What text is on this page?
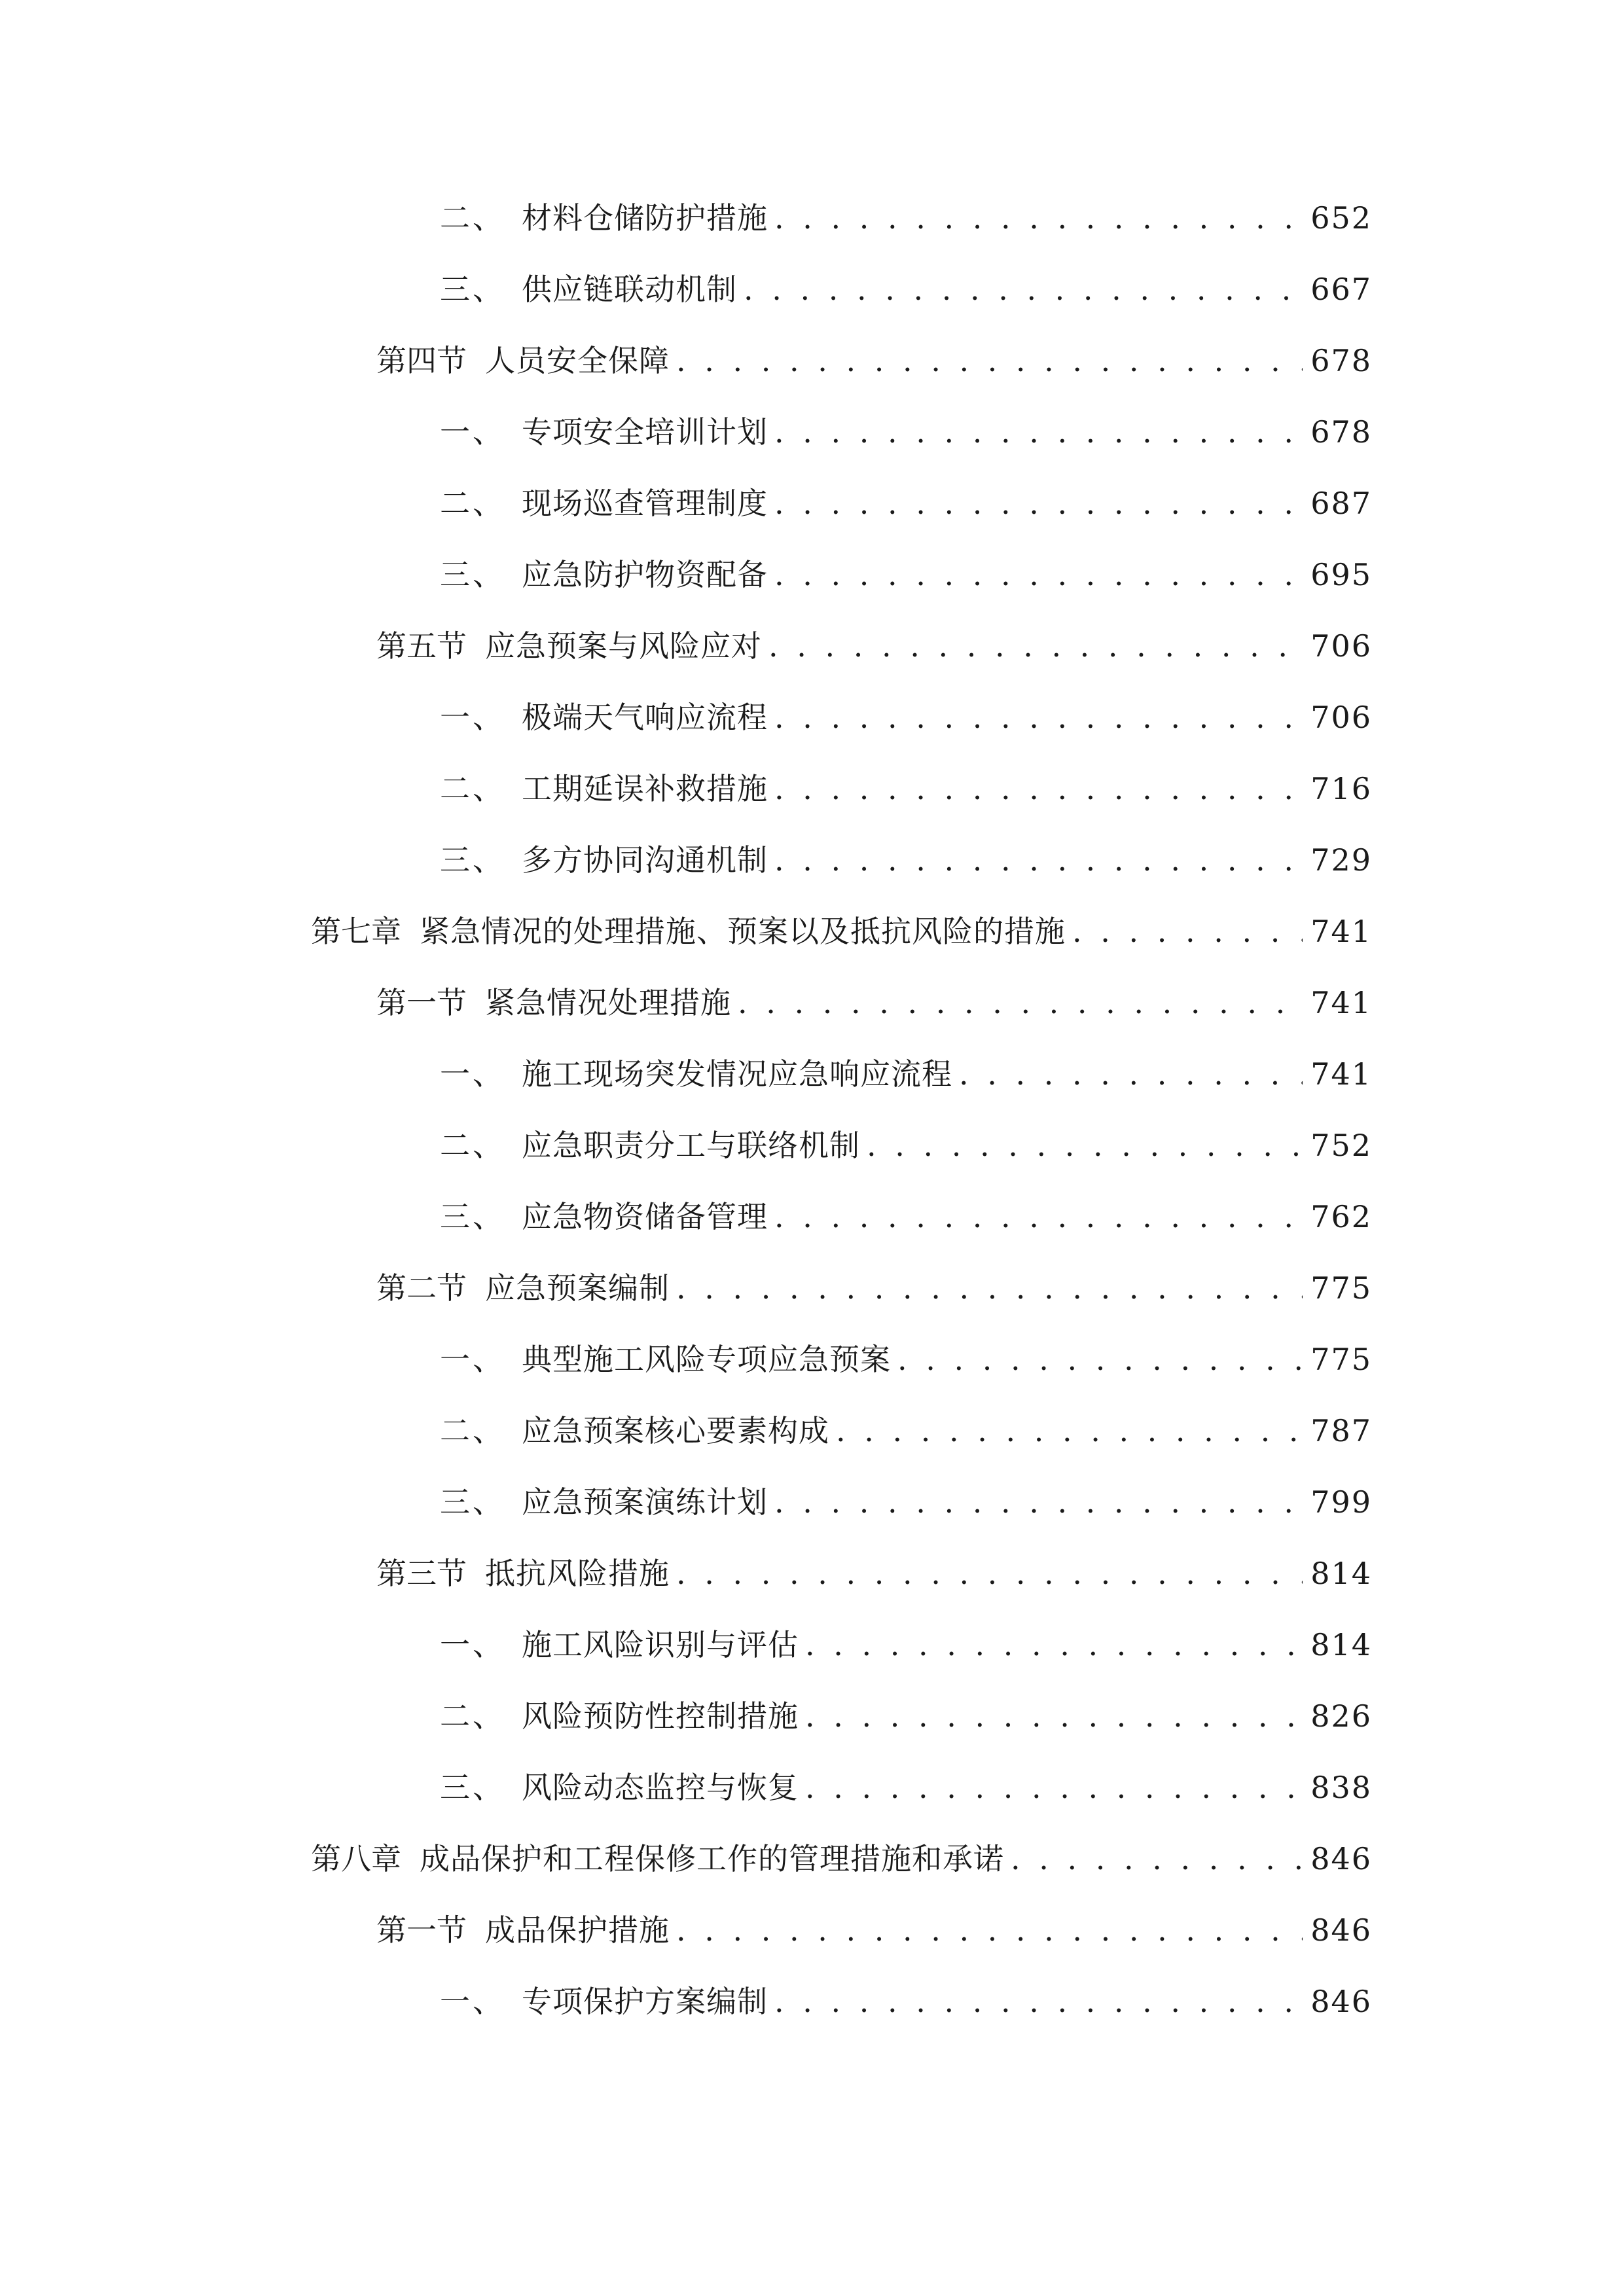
二、 材料仓储防护措施 . . .	652
三、 供应链联动机制 . . .	667
第四节 人员安全保障 . . .	678
一、 专项安全培训计划 . . .	678
二、 现场巡查管理制度 . . .	687
三、 应急防护物资配备 . . .	695
第五节 应急预案与风险应对 . . .	706
一、 极端天气响应流程 . . .	706
二、 工期延误补救措施 . . .	716
三、 多方协同沟通机制 . . .	729
第七章 紧急情况的处理措施、预案以及抵抗风险的措施 . . .	741
第一节 紧急情况处理措施 . . .	741
一、 施工现场突发情况应急响应流程 . . .	741
二、 应急职责分工与联络机制 . . .	752
三、 应急物资储备管理 . . .	762
第二节 应急预案编制 . . .	775
一、 典型施工风险专项应急预案 . . .	775
二、 应急预案核心要素构成 . . .	787
三、 应急预案演练计划 . . .	799
第三节 抵抗风险措施 . . .	814
一、 施工风险识别与评估 . . .	814
二、 风险预防性控制措施 . . .	826
三、 风险动态监控与恢复 . . .	838
第八章 成品保护和工程保修工作的管理措施和承诺 . . .	846
第一节 成品保护措施 . . .	846
一、 专项保护方案编制 . . .	846
